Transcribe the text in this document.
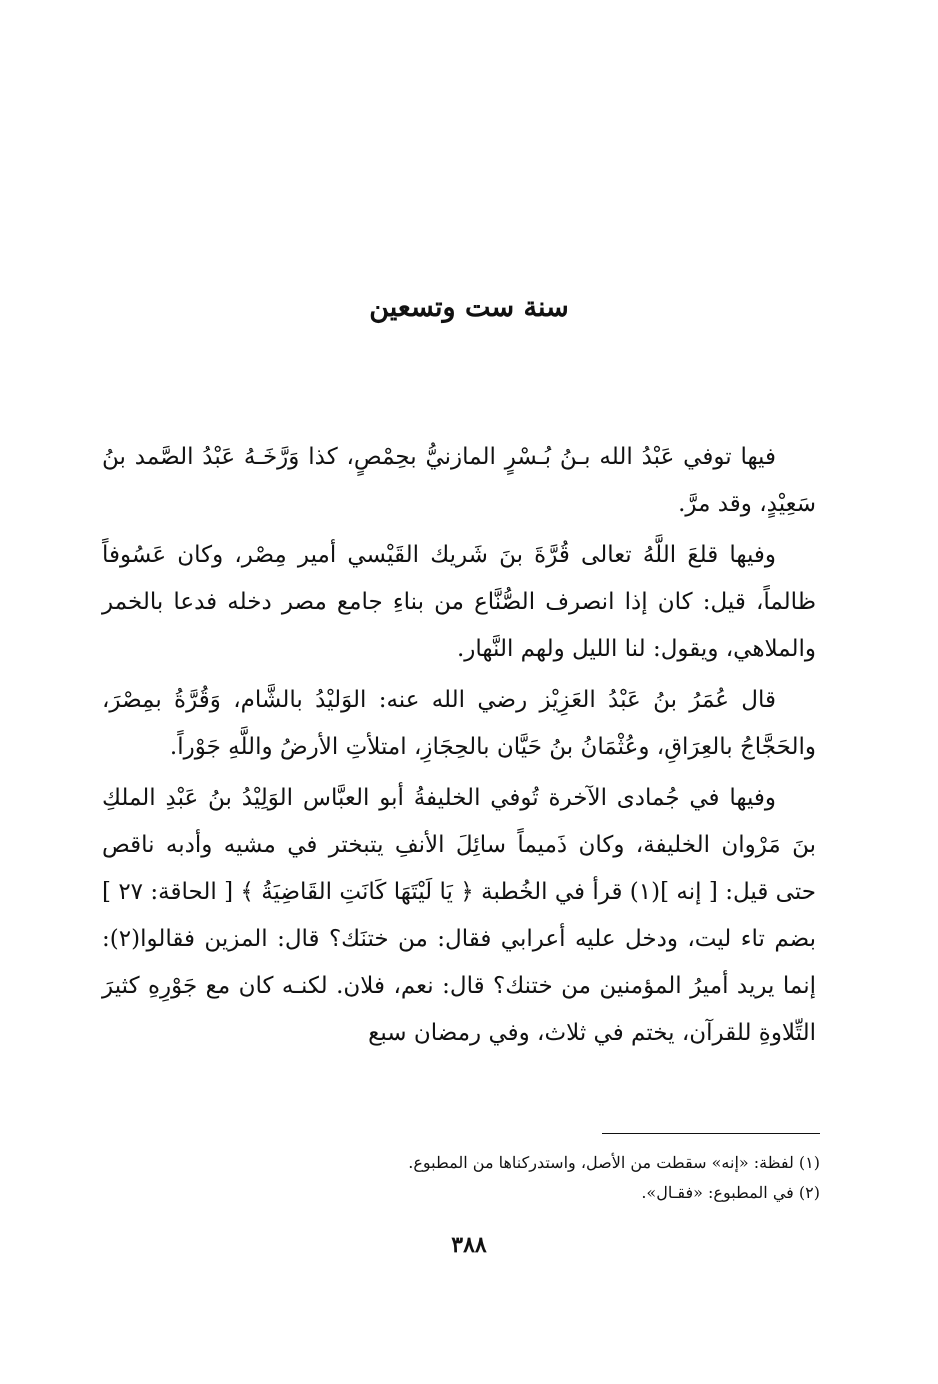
سنة ست وتسعين

فيها توفي عَبْدُ الله بـنُ بُـسْرٍ المازنيُّ بحِمْصٍ، كذا وَرَّخَـهُ عَبْدُ الصَّمد بنُ سَعِيْدٍ، وقد مرَّ.

وفيها قلعَ اللَّهُ تعالى قُرَّةَ بنَ شَريك القَيْسي أمير مِصْر، وكان عَسُوفاً ظالماً، قيل: كان إذا انصرف الصُّنَّاع من بناءِ جامع مصر دخله فدعا بالخمر والملاهي، ويقول: لنا الليل ولهم النَّهار.

قال عُمَرُ بنُ عَبْدُ العَزِيْز رضي الله عنه: الوَليْدُ بالشَّام، وَقُرَّةُ بمِصْرَ، والحَجَّاجُ بالعِرَاقِ، وعُثْمَانُ بنُ حَيَّان بالحِجَازِ، امتلأتِ الأرضُ واللَّهِ جَوْراً.

وفيها في جُمادى الآخرة تُوفي الخليفةُ أبو العبَّاس الوَلِيْدُ بنُ عَبْدِ الملكِ بنَ مَرْوان الخليفة، وكان ذَميماً سائِلَ الأنفِ يتبختر في مشيه وأدبه ناقص حتى قيل: [ إنه ](١) قرأ في الخُطبة ﴿ يَا لَيْتَهَا كَانَتِ القَاضِيَةُ ﴾ [ الحاقة: ٢٧ ] بضم تاء ليت، ودخل عليه أعرابي فقال: من ختنَك؟ قال: المزين فقالوا(٢): إنما يريد أميرُ المؤمنين من ختنك؟ قال: نعم، فلان. لكنـه كان مع جَوْرِهِ كثيرَ التِّلاوةِ للقرآن، يختم في ثلاث، وفي رمضان سبع

(١) لفظة: «إنه» سقطت من الأصل، واستدركناها من المطبوع.

(٢) في المطبوع: «فقـال».

٣٨٨
